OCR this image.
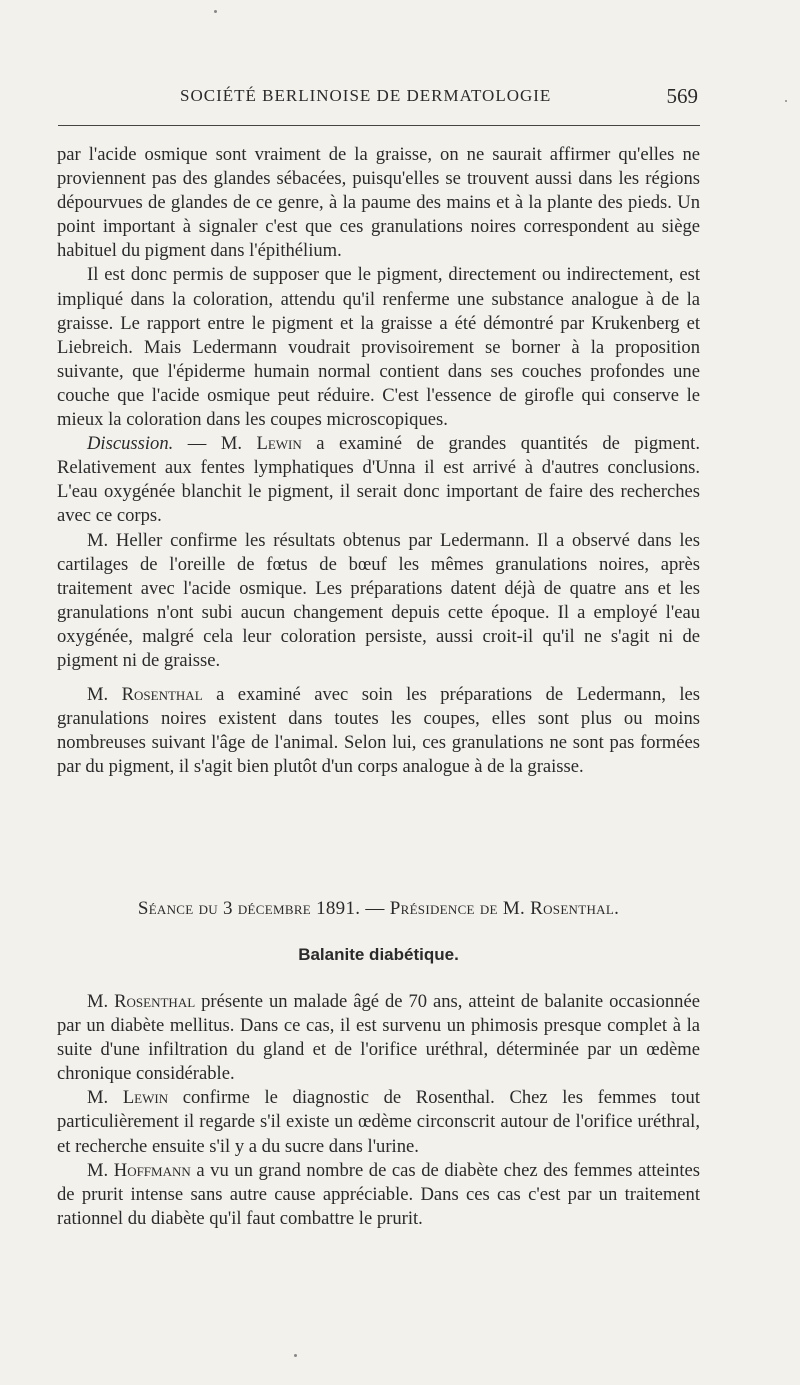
SOCIÉTÉ BERLINOISE DE DERMATOLOGIE	569

par l'acide osmique sont vraiment de la graisse, on ne saurait affirmer qu'elles ne proviennent pas des glandes sébacées, puisqu'elles se trouvent aussi dans les régions dépourvues de glandes de ce genre, à la paume des mains et à la plante des pieds. Un point important à signaler c'est que ces granulations noires correspondent au siège habituel du pigment dans l'épithélium.

Il est donc permis de supposer que le pigment, directement ou indirectement, est impliqué dans la coloration, attendu qu'il renferme une substance analogue à de la graisse. Le rapport entre le pigment et la graisse a été démontré par Krukenberg et Liebreich. Mais Ledermann voudrait provisoirement se borner à la proposition suivante, que l'épiderme humain normal contient dans ses couches profondes une couche que l'acide osmique peut réduire. C'est l'essence de girofle qui conserve le mieux la coloration dans les coupes microscopiques.

Discussion. — M. Lewin a examiné de grandes quantités de pigment. Relativement aux fentes lymphatiques d'Unna il est arrivé à d'autres conclusions. L'eau oxygénée blanchit le pigment, il serait donc important de faire des recherches avec ce corps.

M. Heller confirme les résultats obtenus par Ledermann. Il a observé dans les cartilages de l'oreille de fœtus de bœuf les mêmes granulations noires, après traitement avec l'acide osmique. Les préparations datent déjà de quatre ans et les granulations n'ont subi aucun changement depuis cette époque. Il a employé l'eau oxygénée, malgré cela leur coloration persiste, aussi croit-il qu'il ne s'agit ni de pigment ni de graisse.

M. Rosenthal a examiné avec soin les préparations de Ledermann, les granulations noires existent dans toutes les coupes, elles sont plus ou moins nombreuses suivant l'âge de l'animal. Selon lui, ces granulations ne sont pas formées par du pigment, il s'agit bien plutôt d'un corps analogue à de la graisse.

Séance du 3 décembre 1891. — Présidence de M. Rosenthal.
Balanite diabétique.

M. Rosenthal présente un malade âgé de 70 ans, atteint de balanite occasionnée par un diabète mellitus. Dans ce cas, il est survenu un phimosis presque complet à la suite d'une infiltration du gland et de l'orifice uréthral, déterminée par un œdème chronique considérable.

M. Lewin confirme le diagnostic de Rosenthal. Chez les femmes tout particulièrement il regarde s'il existe un œdème circonscrit autour de l'orifice uréthral, et recherche ensuite s'il y a du sucre dans l'urine.

M. Hoffmann a vu un grand nombre de cas de diabète chez des femmes atteintes de prurit intense sans autre cause appréciable. Dans ces cas c'est par un traitement rationnel du diabète qu'il faut combattre le prurit.
